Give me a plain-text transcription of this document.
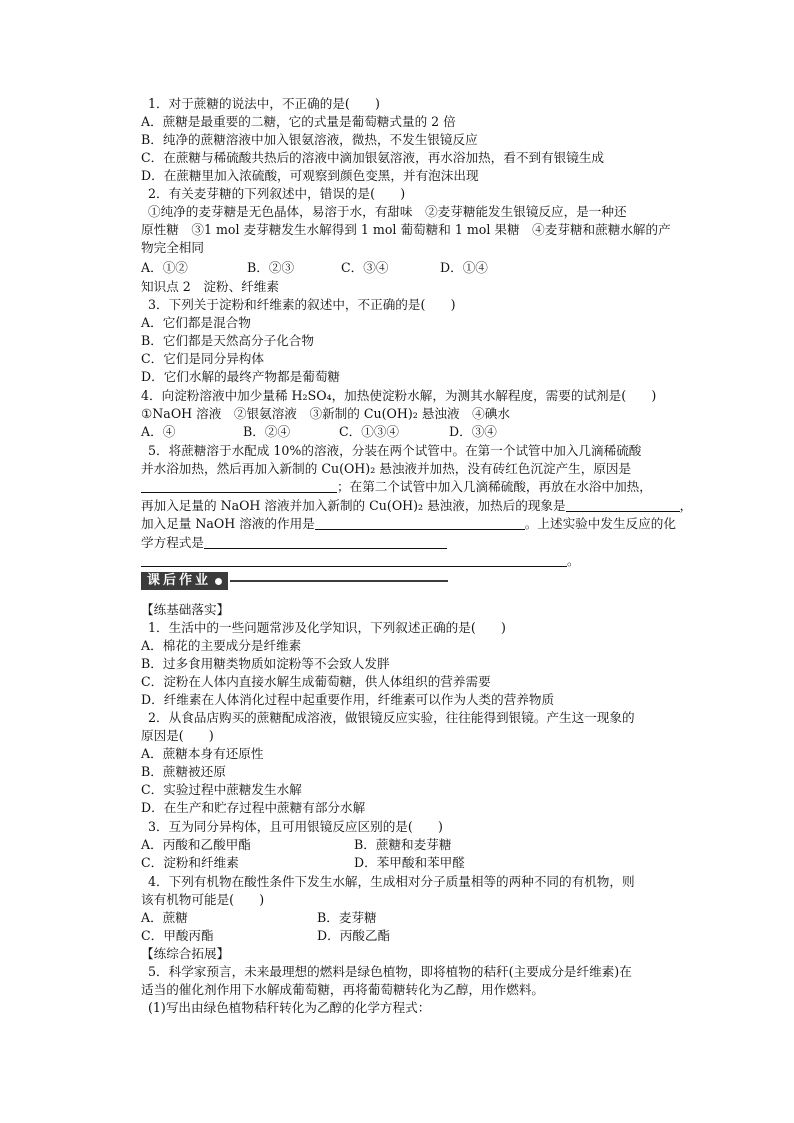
1．对于蔗糖的说法中，不正确的是(　　)
A．蔗糖是最重要的二糖，它的式量是葡萄糖式量的 2 倍
B．纯净的蔗糖溶液中加入银氨溶液，微热，不发生银镜反应
C．在蔗糖与稀硫酸共热后的溶液中滴加银氨溶液，再水浴加热，看不到有银镜生成
D．在蔗糖里加入浓硫酸，可观察到颜色变黑，并有泡沫出现
2．有关麦芽糖的下列叙述中，错误的是(　　)
①纯净的麦芽糖是无色晶体，易溶于水，有甜味　②麦芽糖能发生银镜反应，是一种还
原性糖　③1 mol 麦芽糖发生水解得到 1 mol 葡萄糖和 1 mol 果糖　④麦芽糖和蔗糖水解的产
物完全相同
A．①②	B．②③	C．③④	D．①④
知识点 2　淀粉、纤维素
3．下列关于淀粉和纤维素的叙述中，不正确的是(　　)
A．它们都是混合物
B．它们都是天然高分子化合物
C．它们是同分异构体
D．它们水解的最终产物都是葡萄糖
4．向淀粉溶液中加少量稀 H₂SO₄，加热使淀粉水解，为测其水解程度，需要的试剂是(　　)
①NaOH 溶液　②银氨溶液　③新制的 Cu(OH)₂ 悬浊液　④碘水
A．④	B．②④	C．①③④	D．③④
5．将蔗糖溶于水配成 10%的溶液，分装在两个试管中。在第一个试管中加入几滴稀硫酸
并水浴加热，然后再加入新制的 Cu(OH)₂ 悬浊液并加热，没有砖红色沉淀产生，原因是
；在第二个试管中加入几滴稀硫酸，再放在水浴中加热，
再加入足量的 NaOH 溶液并加入新制的 Cu(OH)₂ 悬浊液，加热后的现象是	，
加入足量 NaOH 溶液的作用是	。上述实验中发生反应的化
学方程式是
。
课后作业
【练基础落实】
1．生活中的一些问题常涉及化学知识，下列叙述正确的是(　　)
A．棉花的主要成分是纤维素
B．过多食用糖类物质如淀粉等不会致人发胖
C．淀粉在人体内直接水解生成葡萄糖，供人体组织的营养需要
D．纤维素在人体消化过程中起重要作用，纤维素可以作为人类的营养物质
2．从食品店购买的蔗糖配成溶液，做银镜反应实验，往往能得到银镜。产生这一现象的
原因是(　　)
A．蔗糖本身有还原性
B．蔗糖被还原
C．实验过程中蔗糖发生水解
D．在生产和贮存过程中蔗糖有部分水解
3．互为同分异构体，且可用银镜反应区别的是(　　)
A．丙酸和乙酸甲酯	B．蔗糖和麦芽糖
C．淀粉和纤维素	D．苯甲酸和苯甲醛
4．下列有机物在酸性条件下发生水解，生成相对分子质量相等的两种不同的有机物，则
该有机物可能是(　　)
A．蔗糖	B．麦芽糖
C．甲酸丙酯	D．丙酸乙酯
【练综合拓展】
5．科学家预言，未来最理想的燃料是绿色植物，即将植物的秸秆(主要成分是纤维素)在
适当的催化剂作用下水解成葡萄糖，再将葡萄糖转化为乙醇，用作燃料。
(1)写出由绿色植物秸秆转化为乙醇的化学方程式：
